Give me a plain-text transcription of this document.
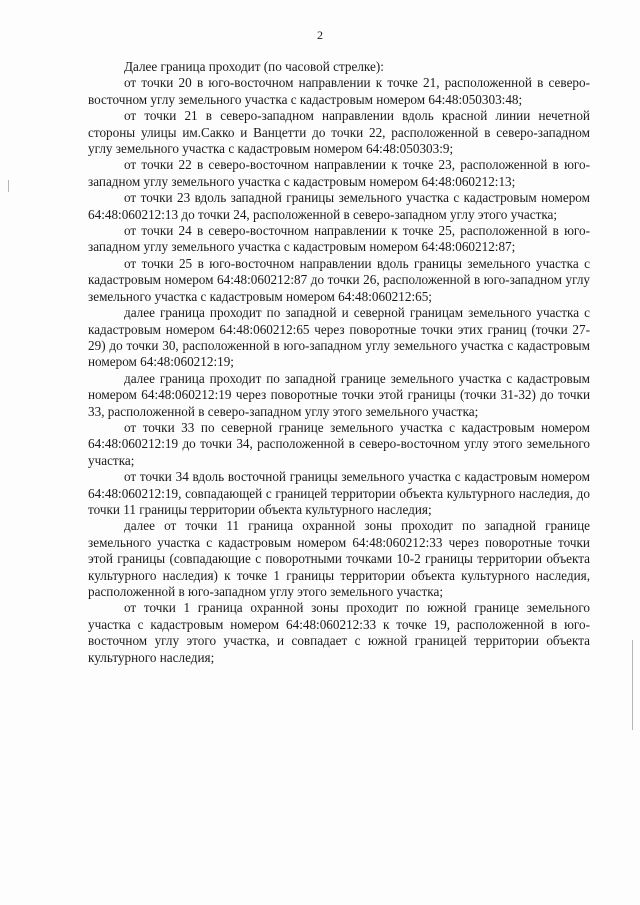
2

Далее граница проходит (по часовой стрелке):

от точки 20 в юго-восточном направлении к точке 21, расположенной в северо-восточном углу земельного участка с кадастровым номером 64:48:050303:48;

от точки 21 в северо-западном направлении вдоль красной линии нечетной стороны улицы им.Сакко и Ванцетти до точки 22, расположенной в северо-западном углу земельного участка с кадастровым номером 64:48:050303:9;

от точки 22 в северо-восточном направлении к точке 23, расположенной в юго-западном углу земельного участка с кадастровым номером 64:48:060212:13;

от точки 23 вдоль западной границы земельного участка с кадастровым номером 64:48:060212:13 до точки 24, расположенной в северо-западном углу этого участка;

от точки 24 в северо-восточном направлении к точке 25, расположенной в юго-западном углу земельного участка с кадастровым номером 64:48:060212:87;

от точки 25 в юго-восточном направлении вдоль границы земельного участка с кадастровым номером 64:48:060212:87 до точки 26, расположенной в юго-западном углу земельного участка с кадастровым номером 64:48:060212:65;

далее граница проходит по западной и северной границам земельного участка с кадастровым номером 64:48:060212:65 через поворотные точки этих границ (точки 27-29) до точки 30, расположенной в юго-западном углу земельного участка с кадастровым номером 64:48:060212:19;

далее граница проходит по западной границе земельного участка с кадастровым номером 64:48:060212:19 через поворотные точки этой границы (точки 31-32) до точки 33, расположенной в северо-западном углу этого земельного участка;

от точки 33 по северной границе земельного участка с кадастровым номером 64:48:060212:19 до точки 34, расположенной в северо-восточном углу этого земельного участка;

от точки 34 вдоль восточной границы земельного участка с кадастровым номером 64:48:060212:19, совпадающей с границей территории объекта культурного наследия, до точки 11 границы территории объекта культурного наследия;

далее от точки 11 граница охранной зоны проходит по западной границе земельного участка с кадастровым номером 64:48:060212:33 через поворотные точки этой границы (совпадающие с поворотными точками 10-2 границы территории объекта культурного наследия) к точке 1 границы территории объекта культурного наследия, расположенной в юго-западном углу этого земельного участка;

от точки 1 граница охранной зоны проходит по южной границе земельного участка с кадастровым номером 64:48:060212:33 к точке 19, расположенной в юго-восточном углу этого участка, и совпадает с южной границей территории объекта культурного наследия;
